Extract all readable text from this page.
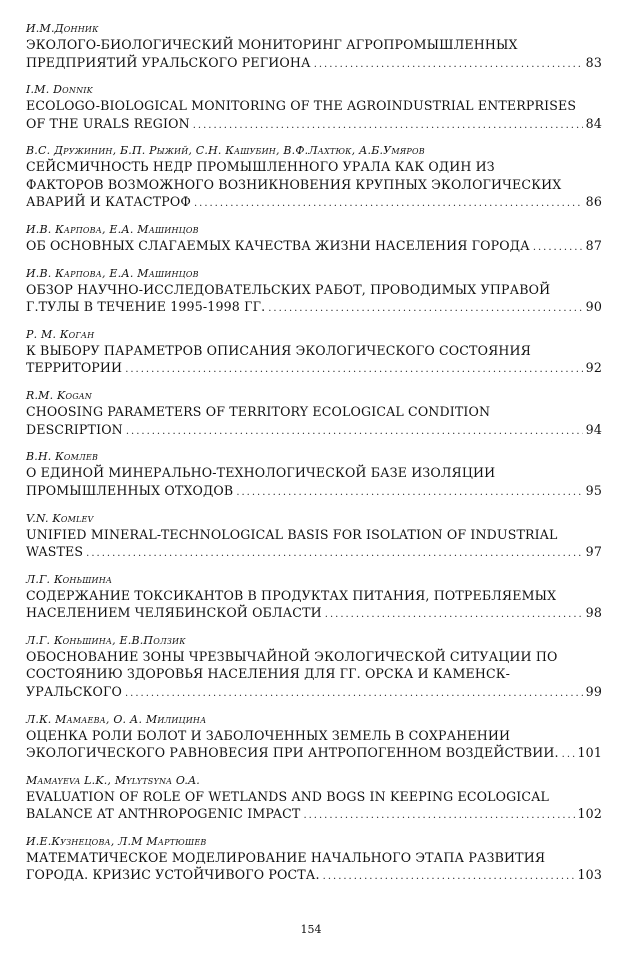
И.М.Донник
ЭКОЛОГО-БИОЛОГИЧЕСКИЙ МОНИТОРИНГ АГРОПРОМЫШЛЕННЫХ
ПРЕДПРИЯТИЙ УРАЛЬСКОГО РЕГИОНА .....	83
I.M. Donnik
ECOLOGO-BIOLOGICAL MONITORING OF THE AGROINDUSTRIAL ENTERPRISES
OF THE URALS REGION .....	84
В.С. Дружинин, Б.П. Рыжий, С.Н. Кашубин, В.Ф.Лахтюк, А.Б.Умяров
СЕЙСМИЧНОСТЬ НЕДР ПРОМЫШЛЕННОГО УРАЛА КАК ОДИН ИЗ
ФАКТОРОВ ВОЗМОЖНОГО ВОЗНИКНОВЕНИЯ КРУПНЫХ ЭКОЛОГИЧЕСКИХ
АВАРИЙ И КАТАСТРОФ .....	86
И.В. Карпова, Е.А. Машинцов
ОБ ОСНОВНЫХ СЛАГАЕМЫХ КАЧЕСТВА ЖИЗНИ НАСЕЛЕНИЯ ГОРОДА .....	87
И.В. Карпова, Е.А. Машинцов
ОБЗОР НАУЧНО-ИССЛЕДОВАТЕЛЬСКИХ РАБОТ, ПРОВОДИМЫХ УПРАВОЙ
Г.ТУЛЫ В ТЕЧЕНИЕ 1995-1998 ГГ. .....	90
Р. М. Коган
К ВЫБОРУ ПАРАМЕТРОВ ОПИСАНИЯ ЭКОЛОГИЧЕСКОГО СОСТОЯНИЯ
ТЕРРИТОРИИ .....	92
R.M. Kogan
CHOOSING PARAMETERS OF TERRITORY ECOLOGICAL CONDITION
DESCRIPTION .....	94
В.Н. Комлев
О ЕДИНОЙ МИНЕРАЛЬНО-ТЕХНОЛОГИЧЕСКОЙ БАЗЕ ИЗОЛЯЦИИ
ПРОМЫШЛЕННЫХ ОТХОДОВ .....	95
V.N. Komlev
UNIFIED MINERAL-TECHNOLOGICAL BASIS FOR ISOLATION OF INDUSTRIAL
WASTES .....	97
Л.Г. Коньшина
СОДЕРЖАНИЕ ТОКСИКАНТОВ В ПРОДУКТАХ ПИТАНИЯ, ПОТРЕБЛЯЕМЫХ
НАСЕЛЕНИЕМ ЧЕЛЯБИНСКОЙ ОБЛАСТИ .....	98
Л.Г. Коньшина, Е.В.Ползик
ОБОСНОВАНИЕ ЗОНЫ ЧРЕЗВЫЧАЙНОЙ ЭКОЛОГИЧЕСКОЙ СИТУАЦИИ ПО
СОСТОЯНИЮ ЗДОРОВЬЯ НАСЕЛЕНИЯ ДЛЯ ГГ. ОРСКА И КАМЕНСК-
УРАЛЬСКОГО .....	99
Л.К. Мамаева, О. А. Милицина
ОЦЕНКА РОЛИ БОЛОТ И ЗАБОЛОЧЕННЫХ ЗЕМЕЛЬ В СОХРАНЕНИИ
ЭКОЛОГИЧЕСКОГО РАВНОВЕСИЯ ПРИ АНТРОПОГЕННОМ ВОЗДЕЙСТВИИ. ..... 101
Mamayeva L.K., Mylytsyna O.A.
EVALUATION OF ROLE OF WETLANDS AND BOGS IN KEEPING ECOLOGICAL
BALANCE AT ANTHROPOGENIC IMPACT .....	102
И.Е.Кузнецова, Л.М Мартюшев
МАТЕМАТИЧЕСКОЕ МОДЕЛИРОВАНИЕ НАЧАЛЬНОГО ЭТАПА РАЗВИТИЯ
ГОРОДА. КРИЗИС УСТОЙЧИВОГО РОСТА. .....	103
154
